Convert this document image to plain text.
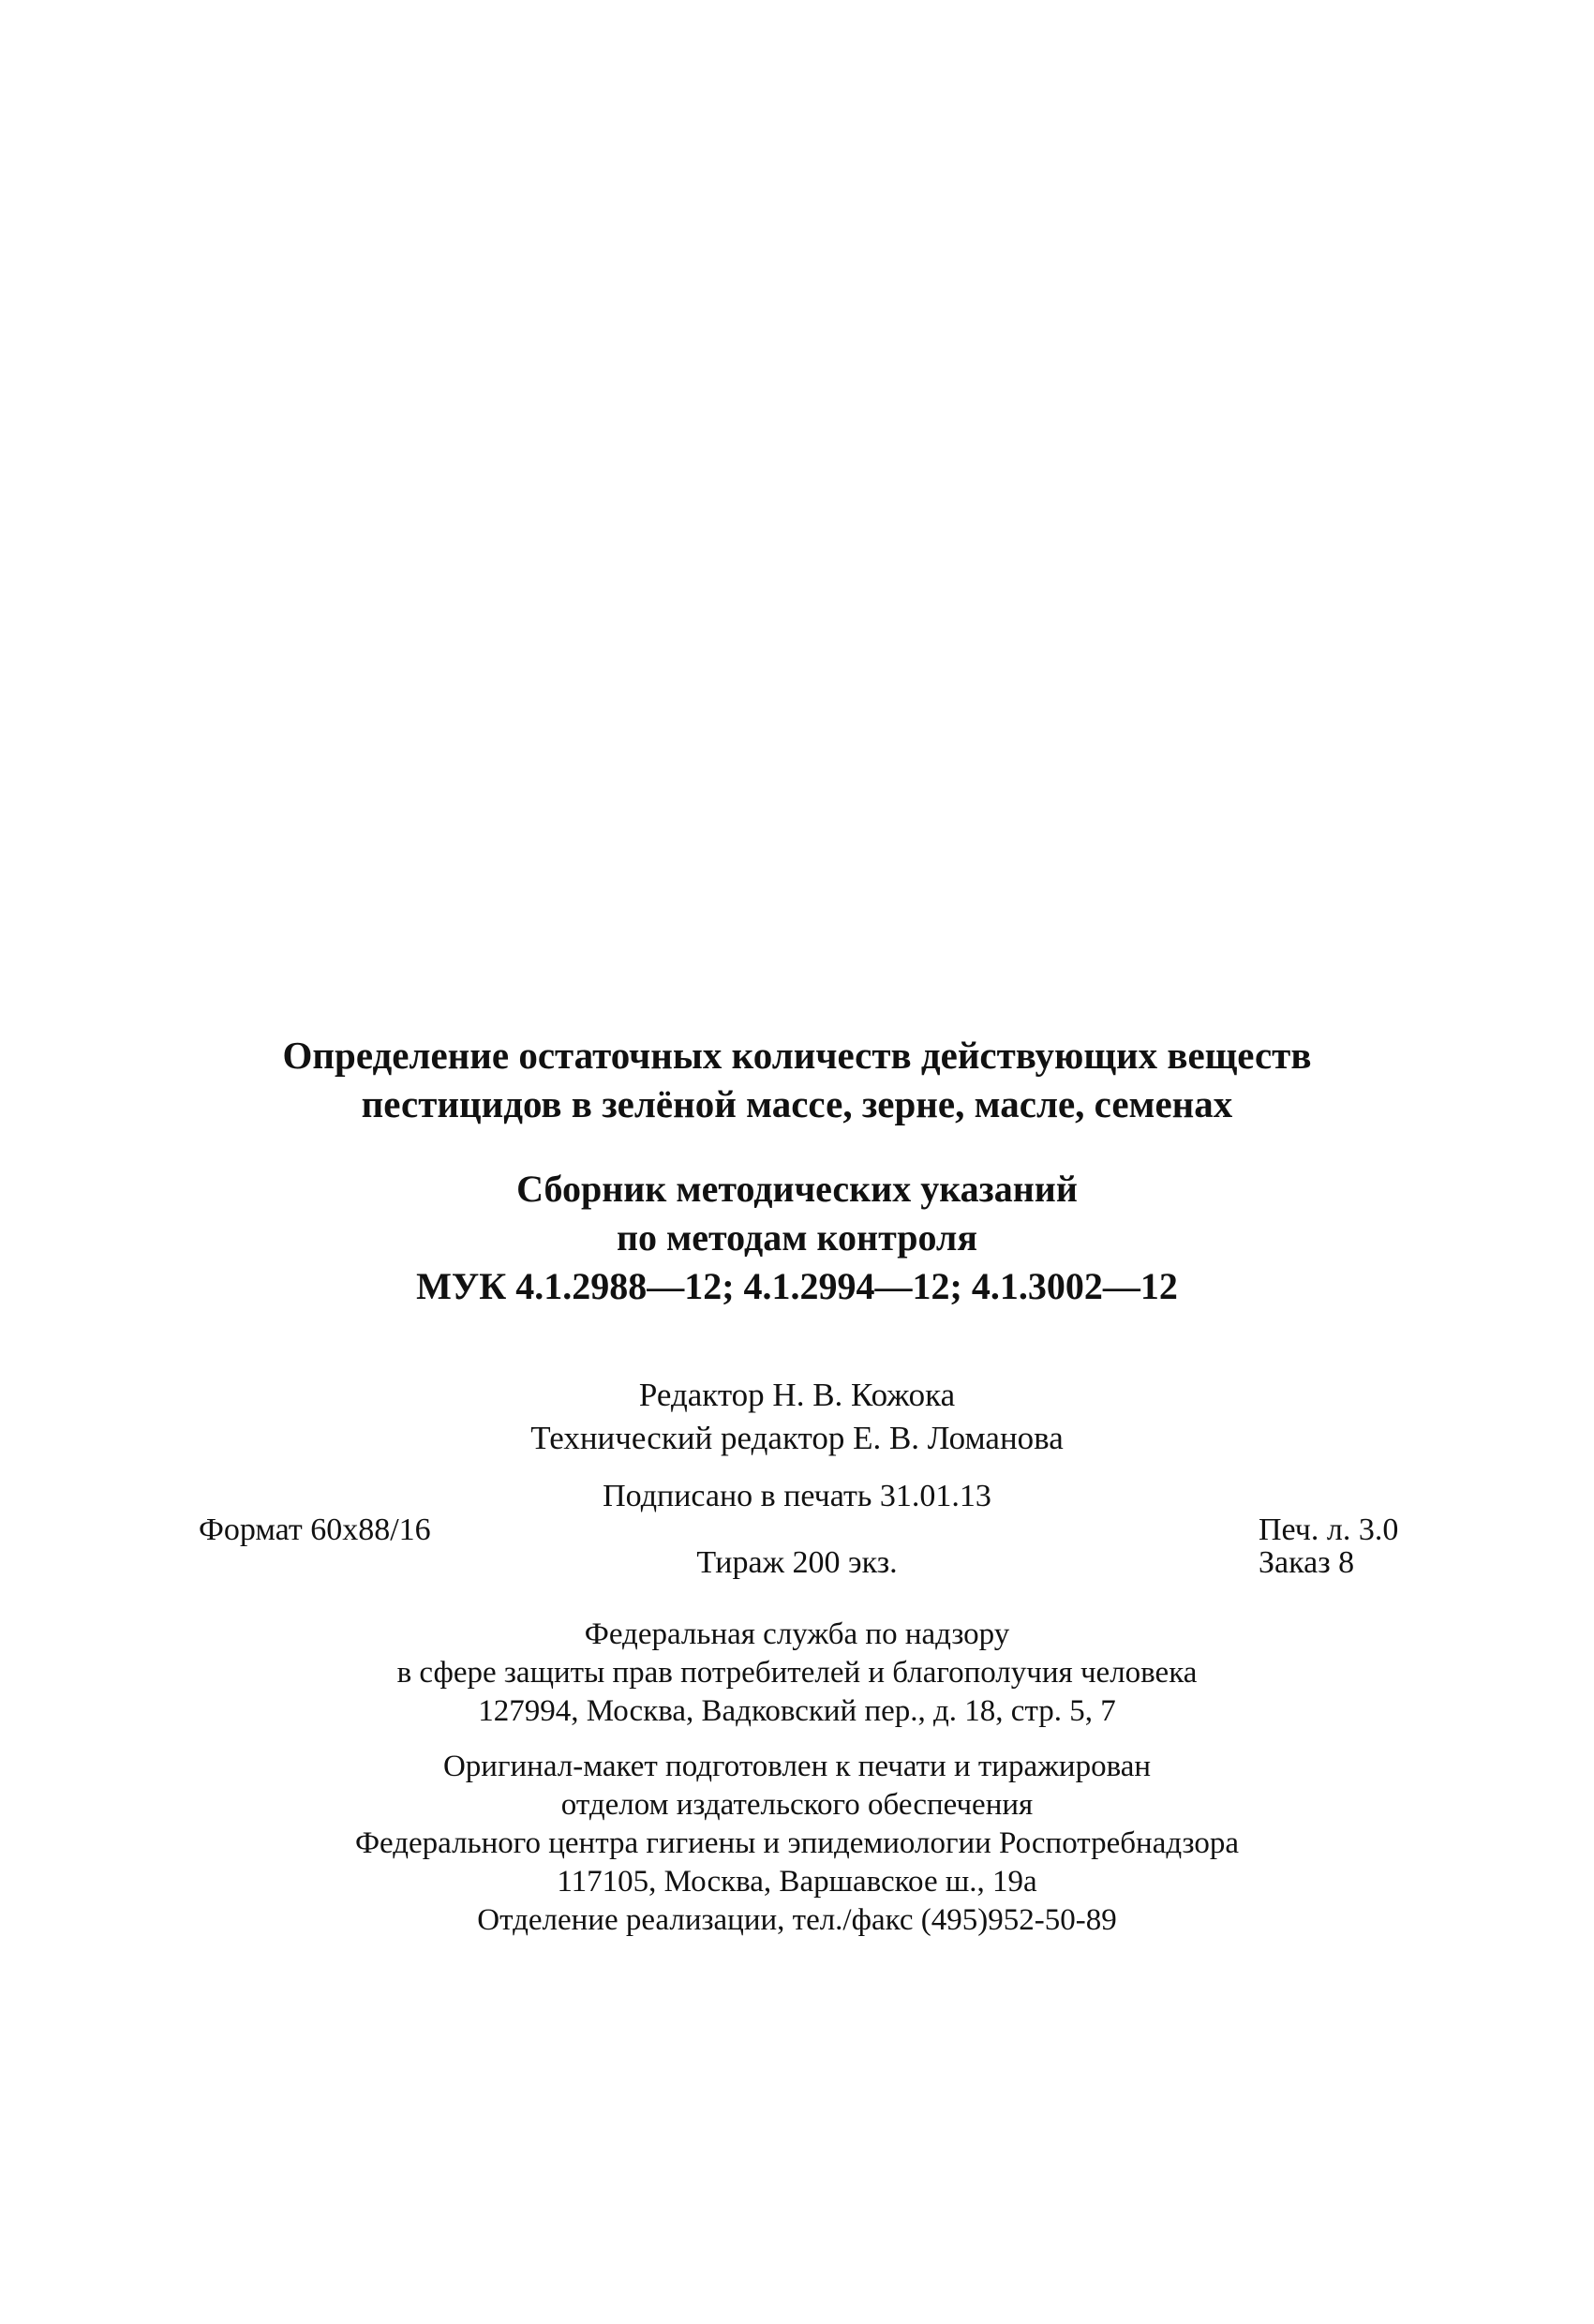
Определение остаточных количеств действующих веществ
пестицидов в зелёной массе, зерне, масле, семенах
Сборник методических указаний
по методам контроля
МУК 4.1.2988—12; 4.1.2994—12; 4.1.3002—12
Редактор Н. В. Кожока
Технический редактор Е. В. Ломанова
Подписано в печать 31.01.13
Формат 60х88/16	Печ. л. 3.0
Тираж 200 экз.	Заказ 8
Федеральная служба по надзору
в сфере защиты прав потребителей и благополучия человека
127994, Москва, Вадковский пер., д. 18, стр. 5, 7
Оригинал-макет подготовлен к печати и тиражирован
отделом издательского обеспечения
Федерального центра гигиены и эпидемиологии Роспотребнадзора
117105, Москва, Варшавское ш., 19а
Отделение реализации, тел./факс (495)952-50-89
